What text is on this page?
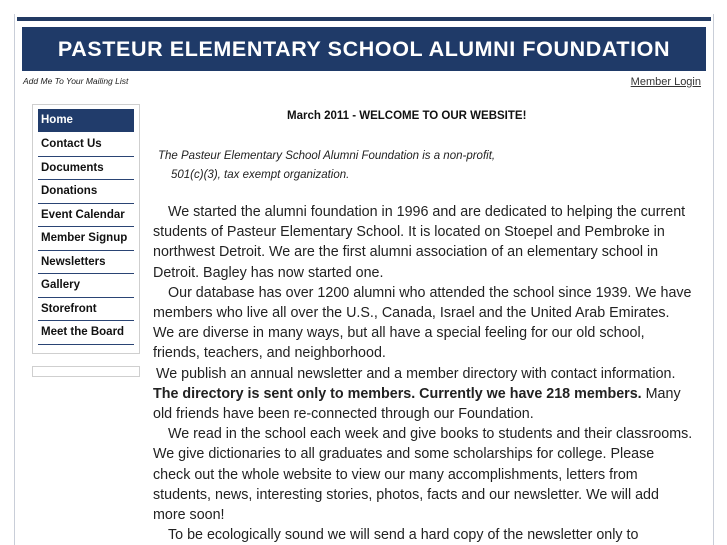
PASTEUR ELEMENTARY SCHOOL ALUMNI FOUNDATION
Add Me To Your Mailing List	Member Login
Home
Contact Us
Documents
Donations
Event Calendar
Member Signup
Newsletters
Gallery
Storefront
Meet the Board
March 2011 - WELCOME TO OUR WEBSITE!
The Pasteur Elementary School Alumni Foundation is a non-profit,
501(c)(3), tax exempt organization.

We started the alumni foundation in 1996 and are dedicated to helping the current students of Pasteur Elementary School. It is located on Stoepel and Pembroke in northwest Detroit. We are the first alumni association of an elementary school in Detroit. Bagley has now started one.

Our database has over 1200 alumni who attended the school since 1939. We have members who live all over the U.S., Canada, Israel and the United Arab Emirates. We are diverse in many ways, but all have a special feeling for our old school, friends, teachers, and neighborhood.

We publish an annual newsletter and a member directory with contact information. The directory is sent only to members. Currently we have 218 members. Many old friends have been re-connected through our Foundation.

We read in the school each week and give books to students and their classrooms. We give dictionaries to all graduates and some scholarships for college. Please check out the whole website to view our many accomplishments, letters from students, news, interesting stories, photos, facts and our newsletter. We will add more soon!

To be ecologically sound we will send a hard copy of the newsletter only to
